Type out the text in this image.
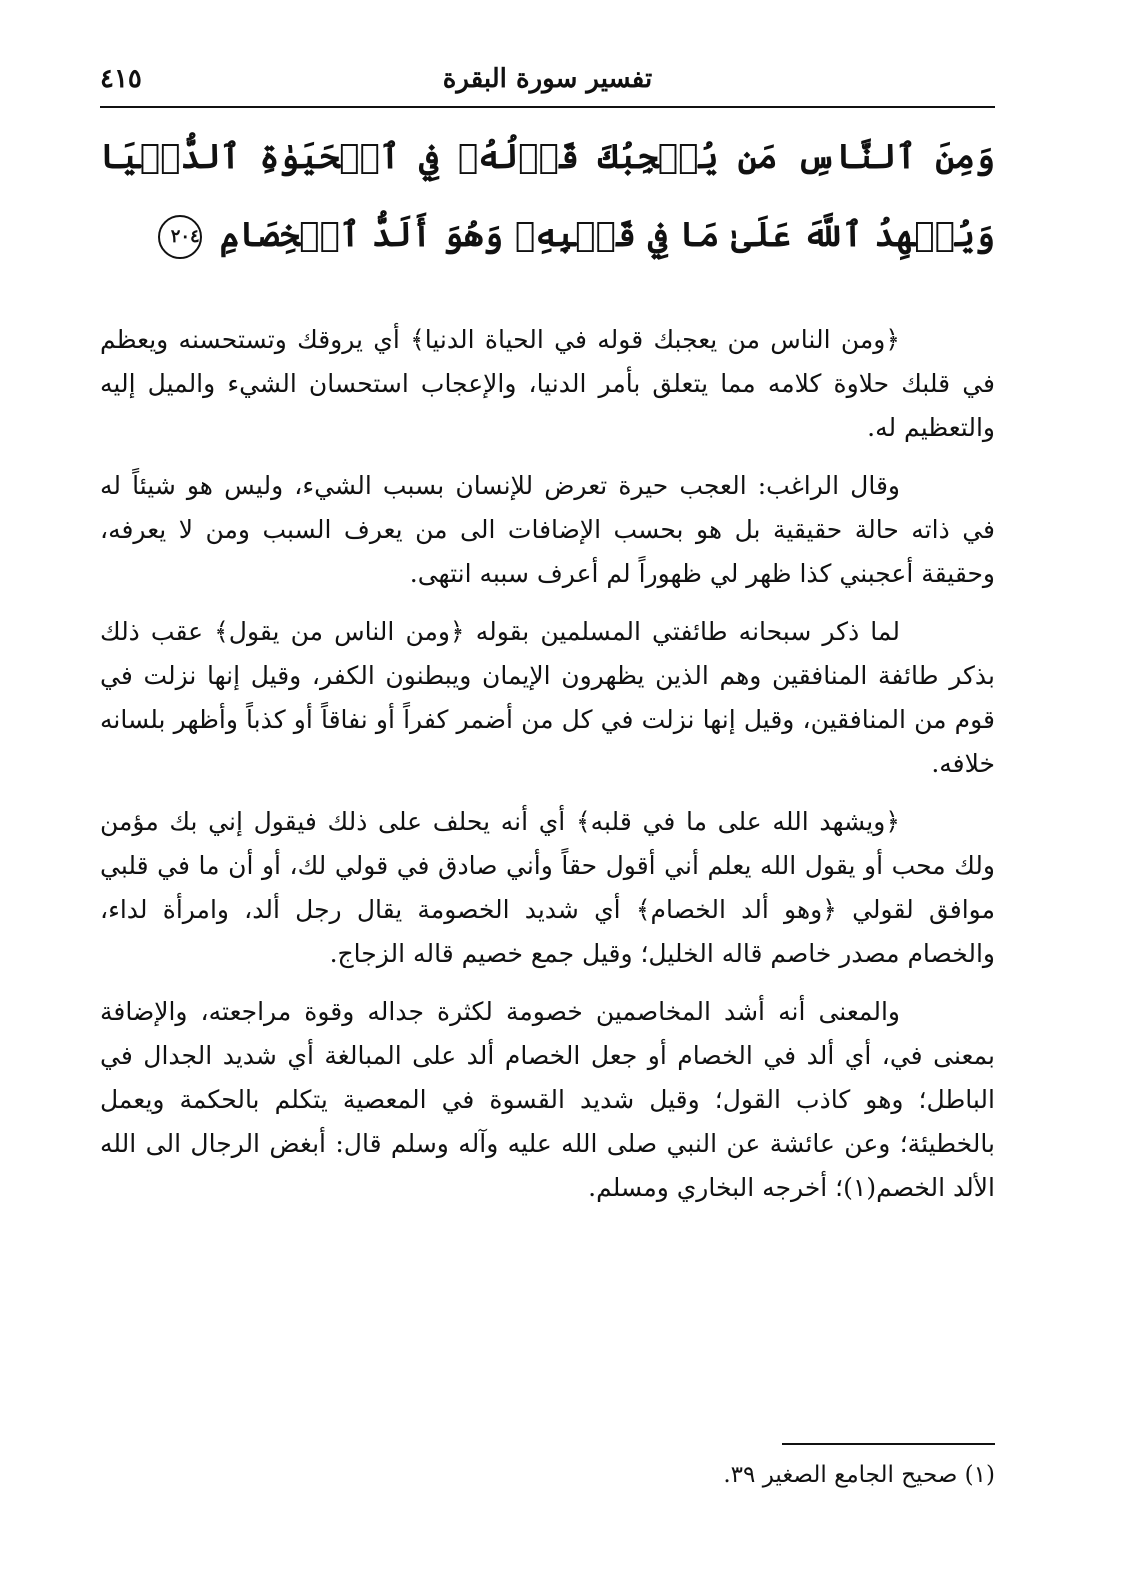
تفسير سورة البقرة
٤١٥
وَمِنَ ٱلنَّاسِ مَن يُعۡجِبُكَ قَوۡلُهُۥ فِي ٱلۡحَيَوٰةِ ٱلدُّنۡيَا وَيُشۡهِدُ ٱللَّهَ عَلَىٰ مَا فِي قَلۡبِهِۦ وَهُوَ أَلَدُّ ٱلۡخِصَامِ ٢٠٤

﴿ومن الناس من يعجبك قوله في الحياة الدنيا﴾ أي يروقك وتستحسنه ويعظم في قلبك حلاوة كلامه مما يتعلق بأمر الدنيا، والإعجاب استحسان الشيء والميل إليه والتعظيم له.

وقال الراغب: العجب حيرة تعرض للإنسان بسبب الشيء، وليس هو شيئاً له في ذاته حالة حقيقية بل هو بحسب الإضافات الى من يعرف السبب ومن لا يعرفه، وحقيقة أعجبني كذا ظهر لي ظهوراً لم أعرف سببه انتهى.

لما ذكر سبحانه طائفتي المسلمين بقوله ﴿ومن الناس من يقول﴾ عقب ذلك بذكر طائفة المنافقين وهم الذين يظهرون الإيمان ويبطنون الكفر، وقيل إنها نزلت في قوم من المنافقين، وقيل إنها نزلت في كل من أضمر كفراً أو نفاقاً أو كذباً وأظهر بلسانه خلافه.

﴿ويشهد الله على ما في قلبه﴾ أي أنه يحلف على ذلك فيقول إني بك مؤمن ولك محب أو يقول الله يعلم أني أقول حقاً وأني صادق في قولي لك، أو أن ما في قلبي موافق لقولي ﴿وهو ألد الخصام﴾ أي شديد الخصومة يقال رجل ألد، وامرأة لداء، والخصام مصدر خاصم قاله الخليل؛ وقيل جمع خصيم قاله الزجاج.

والمعنى أنه أشد المخاصمين خصومة لكثرة جداله وقوة مراجعته، والإضافة بمعنى في، أي ألد في الخصام أو جعل الخصام ألد على المبالغة أي شديد الجدال في الباطل؛ وهو كاذب القول؛ وقيل شديد القسوة في المعصية يتكلم بالحكمة ويعمل بالخطيئة؛ وعن عائشة عن النبي صلى الله عليه وآله وسلم قال: أبغض الرجال الى الله الألد الخصم(١)؛ أخرجه البخاري ومسلم.

(١) صحيح الجامع الصغير ٣٩.
